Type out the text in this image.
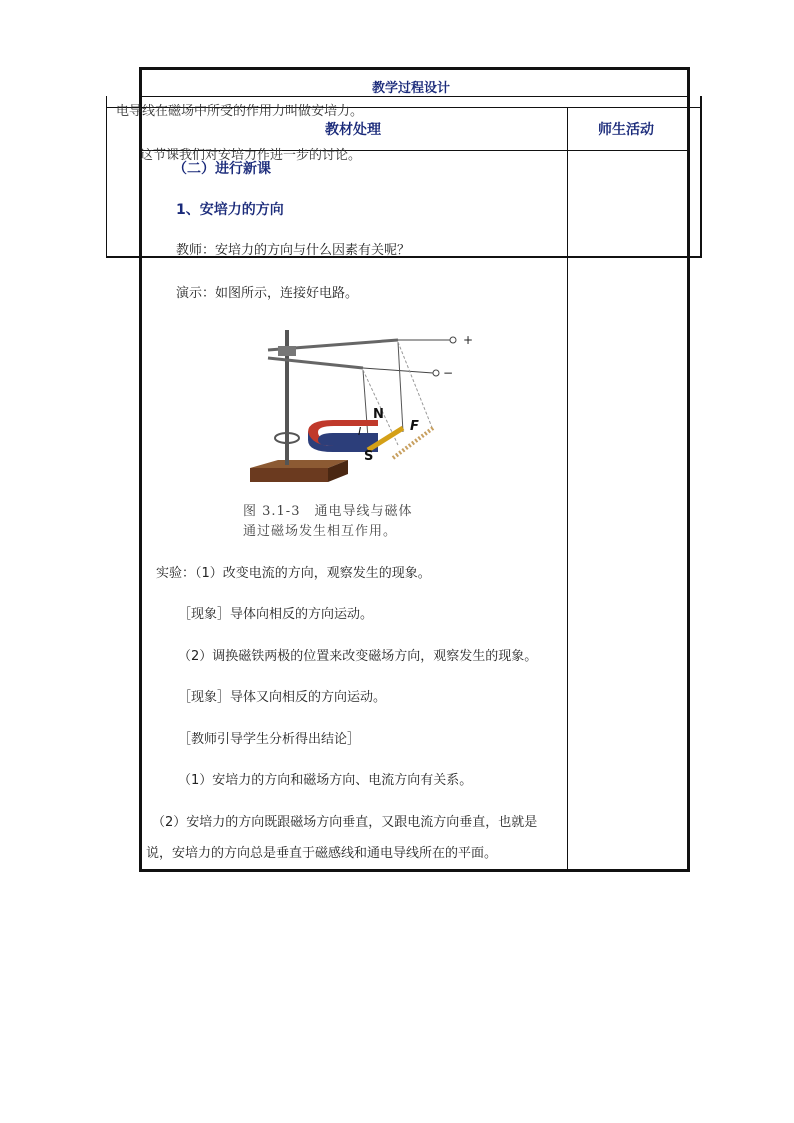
教学过程设计
教材处理	师生活动
电导线在磁场中所受的作用力叫做安培力。
这节课我们对安培力作进一步的讨论。
（二）进行新课
1、安培力的方向
教师：安培力的方向与什么因素有关呢？
演示：如图所示，连接好电路。
+
−
N
S
F
I
图 3.1-3　通电导线与磁体
通过磁场发生相互作用。
实验：（1）改变电流的方向，观察发生的现象。
［现象］导体向相反的方向运动。
（2）调换磁铁两极的位置来改变磁场方向，观察发生的现象。
［现象］导体又向相反的方向运动。
［教师引导学生分析得出结论］
（1）安培力的方向和磁场方向、电流方向有关系。
（2）安培力的方向既跟磁场方向垂直，又跟电流方向垂直，也就是
说，安培力的方向总是垂直于磁感线和通电导线所在的平面。
